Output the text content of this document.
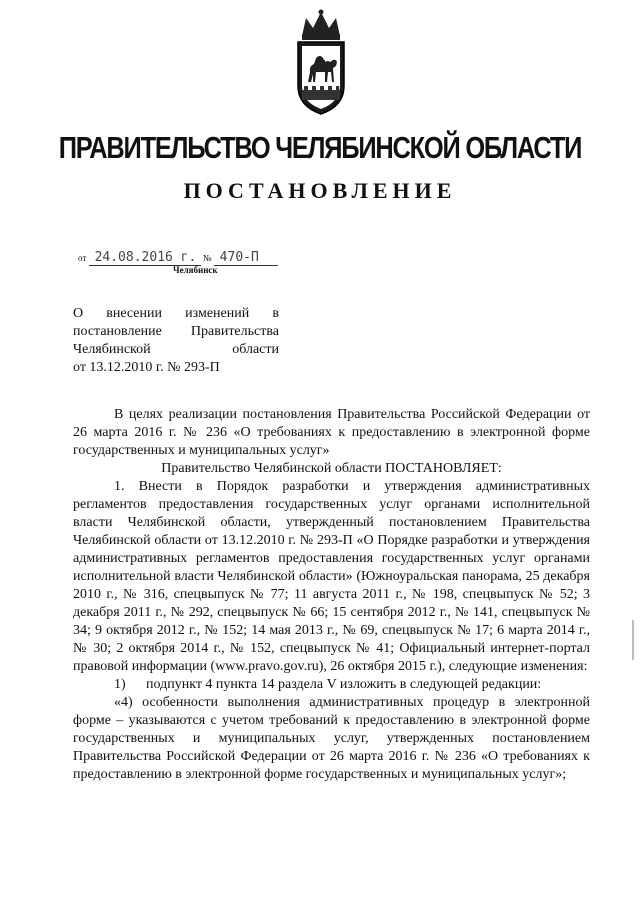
ПРАВИТЕЛЬСТВО ЧЕЛЯБИНСКОЙ ОБЛАСТИ
ПОСТАНОВЛЕНИЕ
от 24.08.2016 г. № 470-П
Челябинск
О внесении изменений в
постановление Правительства
Челябинской области
от 13.12.2010 г. № 293-П

В целях реализации постановления Правительства Российской Федерации от 26 марта 2016 г. № 236 «О требованиях к предоставлению в электронной форме государственных и муниципальных услуг»

Правительство Челябинской области ПОСТАНОВЛЯЕТ:

1. Внести в Порядок разработки и утверждения административных регламентов предоставления государственных услуг органами исполнительной власти Челябинской области, утвержденный постановлением Правительства Челябинской области от 13.12.2010 г. № 293-П «О Порядке разработки и утверждения административных регламентов предоставления государственных услуг органами исполнительной власти Челябинской области» (Южноуральская панорама, 25 декабря 2010 г., № 316, спецвыпуск № 77; 11 августа 2011 г., № 198, спецвыпуск № 52; 3 декабря 2011 г., № 292, спецвыпуск № 66; 15 сентября 2012 г., № 141, спецвыпуск № 34; 9 октября 2012 г., № 152; 14 мая 2013 г., № 69, спецвыпуск № 17; 6 марта 2014 г., № 30; 2 октября 2014 г., № 152, спецвыпуск № 41; Официальный интернет-портал правовой информации (www.pravo.gov.ru), 26 октября 2015 г.), следующие изменения:

1) подпункт 4 пункта 14 раздела V изложить в следующей редакции:

«4) особенности выполнения административных процедур в электронной форме – указываются с учетом требований к предоставлению в электронной форме государственных и муниципальных услуг, утвержденных постановлением Правительства Российской Федерации от 26 марта 2016 г. № 236 «О требованиях к предоставлению в электронной форме государственных и муниципальных услуг»;
